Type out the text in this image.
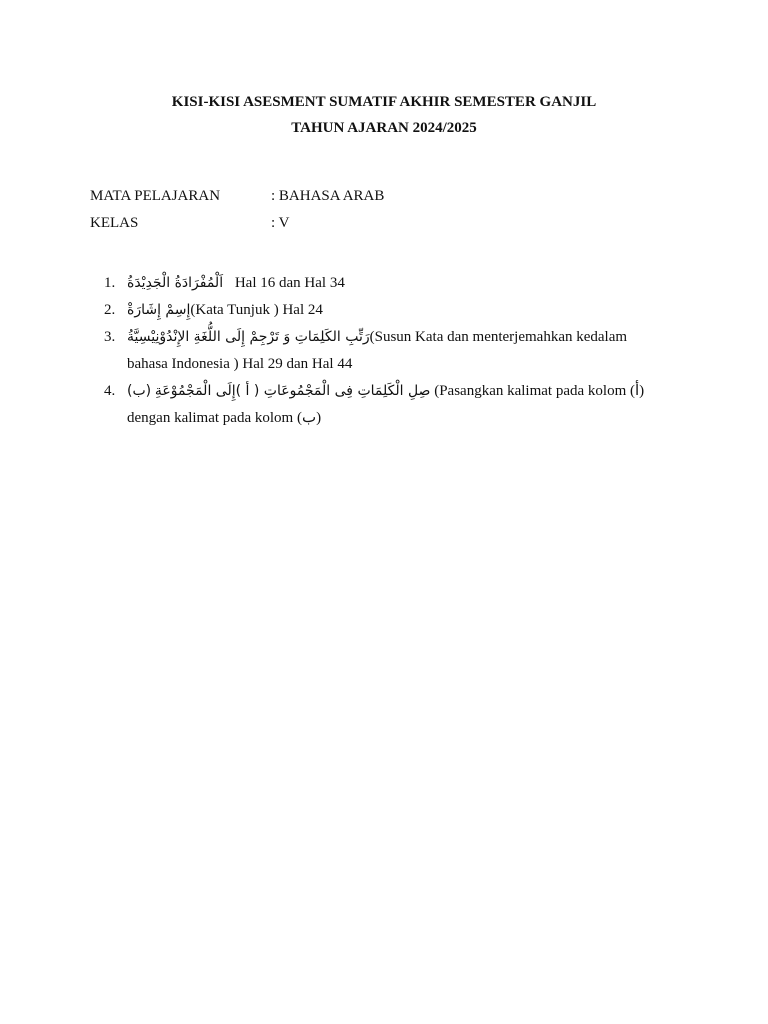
KISI-KISI ASESMENT SUMATIF AKHIR SEMESTER GANJIL
TAHUN AJARAN 2024/2025
MATA PELAJARAN	: BAHASA ARAB
KELAS	: V
1. اَلْمُفْرَادَةُ الْجَدِيْدَةُ Hal 16 dan Hal 34
2. إِسِمْ إِشَارَةْ(Kata Tunjuk ) Hal 24
3. رَتِّبِ الكَلِمَاتِ وَ تَرْجِمْ إِلَى اللُّغَةِ الإِنْدُوْنِيْسِيَّةُ(Susun Kata dan menterjemahkan kedalam bahasa Indonesia ) Hal 29 dan Hal 44
4. (ب) صِلِ الْكَلِمَاتِ فِى الْمَجْمُوعَاتِ ( أ )إِلَى الْمَجْمُوْعَةِ (Pasangkan kalimat pada kolom (أ) dengan kalimat pada kolom (ب)
